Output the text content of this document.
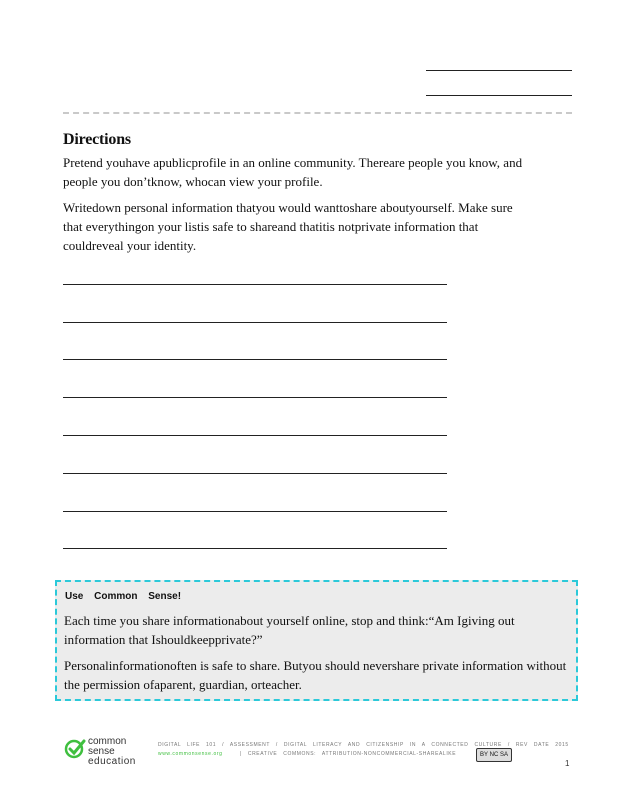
Directions
Pretend youhave apublicprofile in an online community. Thereare people you know, and people you don’tknow, whocan view your profile.
Writedown personal information thatyou would wanttoshare aboutyourself. Make sure that everythingon your listis safe to shareand thatitis notprivate information that couldreveal your identity.
Use Common Sense!
Each time you share informationabout yourself online, stop and think:“Am Igiving out information that Ishouldkeepprivate?”
Personalinformationoften is safe to share. Butyou should nevershare private information without the permission ofaparent, guardian, orteacher.
common
sense
education
DIGITAL LIFE 101 / ASSESSMENT / DIGITAL LITERACY AND CITIZENSHIP IN A CONNECTED CULTURE / REV DATE 2015
www.commonsense.org	| CREATIVE COMMONS: ATTRIBUTION-NONCOMMERCIAL-SHAREALIKE	BY NC SA
1
